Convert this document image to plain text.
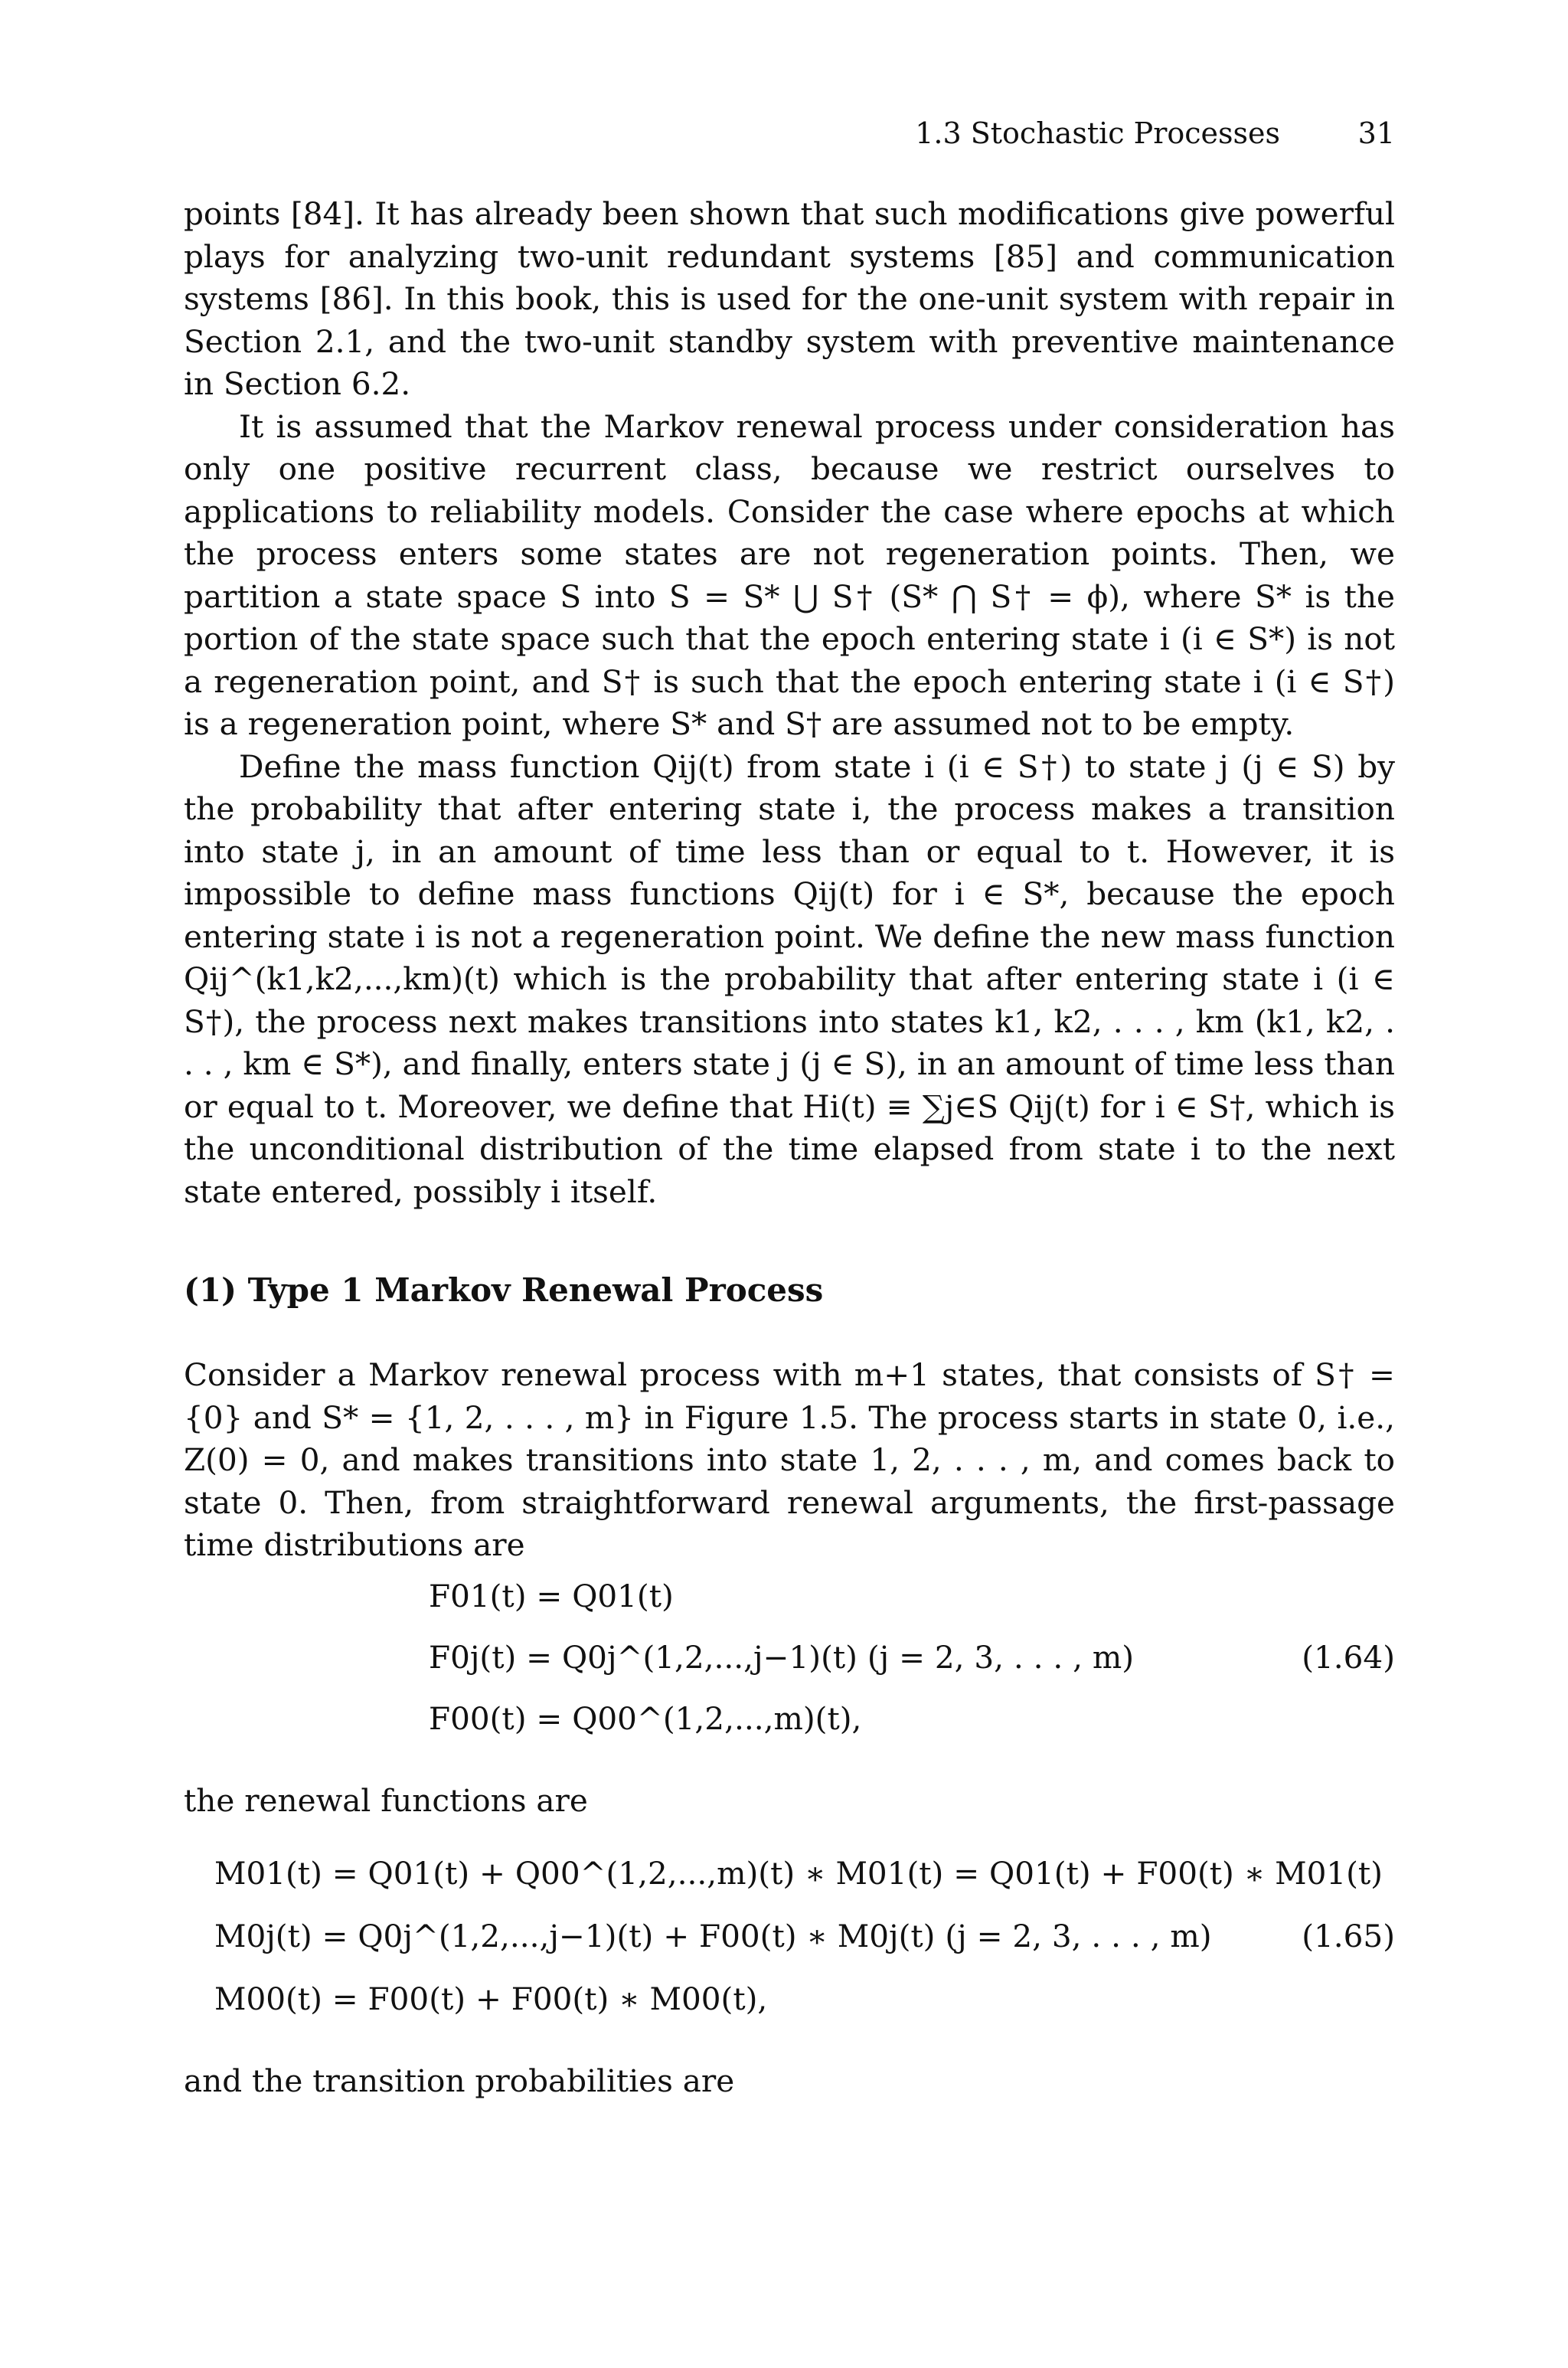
1.3 Stochastic Processes	31

points [84]. It has already been shown that such modifications give powerful plays for analyzing two-unit redundant systems [85] and communication systems [86]. In this book, this is used for the one-unit system with repair in Section 2.1, and the two-unit standby system with preventive maintenance in Section 6.2.

It is assumed that the Markov renewal process under consideration has only one positive recurrent class, because we restrict ourselves to applications to reliability models. Consider the case where epochs at which the process enters some states are not regeneration points. Then, we partition a state space S into S = S* ⋃ S† (S* ⋂ S† = ϕ), where S* is the portion of the state space such that the epoch entering state i (i ∈ S*) is not a regeneration point, and S† is such that the epoch entering state i (i ∈ S†) is a regeneration point, where S* and S† are assumed not to be empty.

Define the mass function Qij(t) from state i (i ∈ S†) to state j (j ∈ S) by the probability that after entering state i, the process makes a transition into state j, in an amount of time less than or equal to t. However, it is impossible to define mass functions Qij(t) for i ∈ S*, because the epoch entering state i is not a regeneration point. We define the new mass function Qij^(k1,k2,...,km)(t) which is the probability that after entering state i (i ∈ S†), the process next makes transitions into states k1, k2, . . . , km (k1, k2, . . . , km ∈ S*), and finally, enters state j (j ∈ S), in an amount of time less than or equal to t. Moreover, we define that Hi(t) ≡ ∑j∈S Qij(t) for i ∈ S†, which is the unconditional distribution of the time elapsed from state i to the next state entered, possibly i itself.

(1) Type 1 Markov Renewal Process

Consider a Markov renewal process with m+1 states, that consists of S† = {0} and S* = {1, 2, . . . , m} in Figure 1.5. The process starts in state 0, i.e., Z(0) = 0, and makes transitions into state 1, 2, . . . , m, and comes back to state 0. Then, from straightforward renewal arguments, the first-passage time distributions are

F01(t) = Q01(t)
F0j(t) = Q0j^(1,2,...,j−1)(t) (j = 2, 3, . . . , m)
F00(t) = Q00^(1,2,...,m)(t),
(1.64)

the renewal functions are

M01(t) = Q01(t) + Q00^(1,2,...,m)(t) ∗ M01(t) = Q01(t) + F00(t) ∗ M01(t)
M0j(t) = Q0j^(1,2,...,j−1)(t) + F00(t) ∗ M0j(t) (j = 2, 3, . . . , m)
M00(t) = F00(t) + F00(t) ∗ M00(t),
(1.65)

and the transition probabilities are
